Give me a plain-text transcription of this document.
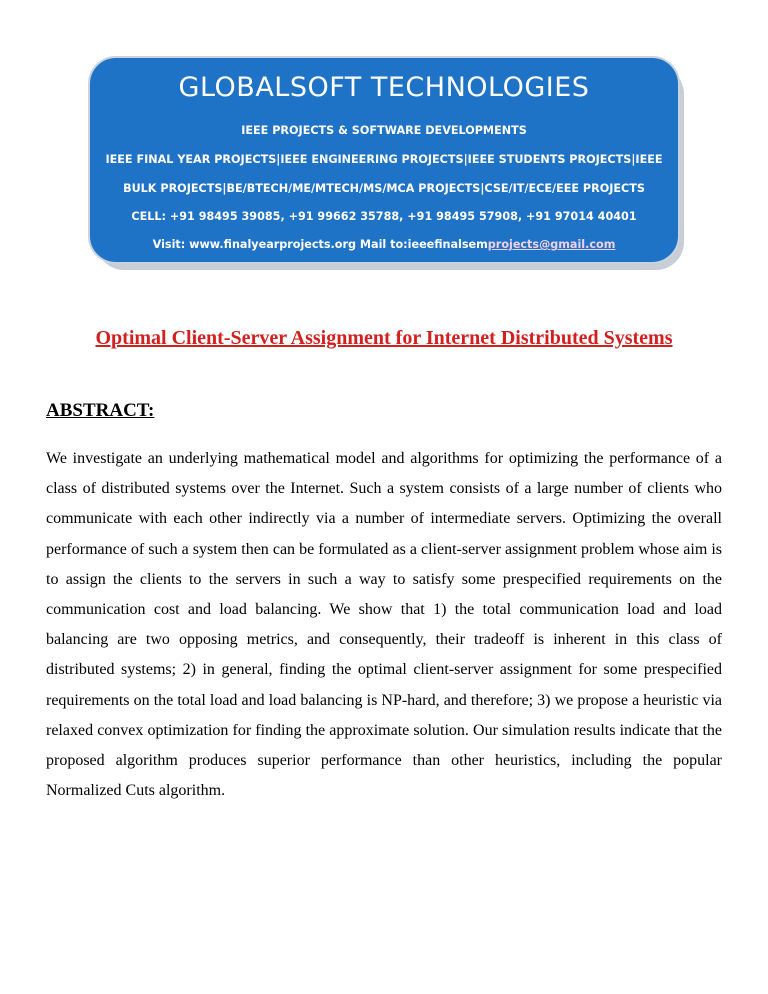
GLOBALSOFT TECHNOLOGIES
IEEE PROJECTS & SOFTWARE DEVELOPMENTS
IEEE FINAL YEAR PROJECTS|IEEE ENGINEERING PROJECTS|IEEE STUDENTS PROJECTS|IEEE
BULK PROJECTS|BE/BTECH/ME/MTECH/MS/MCA PROJECTS|CSE/IT/ECE/EEE PROJECTS
CELL: +91 98495 39085, +91 99662 35788, +91 98495 57908, +91 97014 40401
Visit: www.finalyearprojects.org Mail to:ieeefinalsemprojects@gmail.com
Optimal Client-Server Assignment for Internet Distributed Systems
ABSTRACT:
We investigate an underlying mathematical model and algorithms for optimizing the performance of a class of distributed systems over the Internet. Such a system consists of a large number of clients who communicate with each other indirectly via a number of intermediate servers. Optimizing the overall performance of such a system then can be formulated as a client-server assignment problem whose aim is to assign the clients to the servers in such a way to satisfy some prespecified requirements on the communication cost and load balancing. We show that 1) the total communication load and load balancing are two opposing metrics, and consequently, their tradeoff is inherent in this class of distributed systems; 2) in general, finding the optimal client-server assignment for some prespecified requirements on the total load and load balancing is NP-hard, and therefore; 3) we propose a heuristic via relaxed convex optimization for finding the approximate solution. Our simulation results indicate that the proposed algorithm produces superior performance than other heuristics, including the popular Normalized Cuts algorithm.
